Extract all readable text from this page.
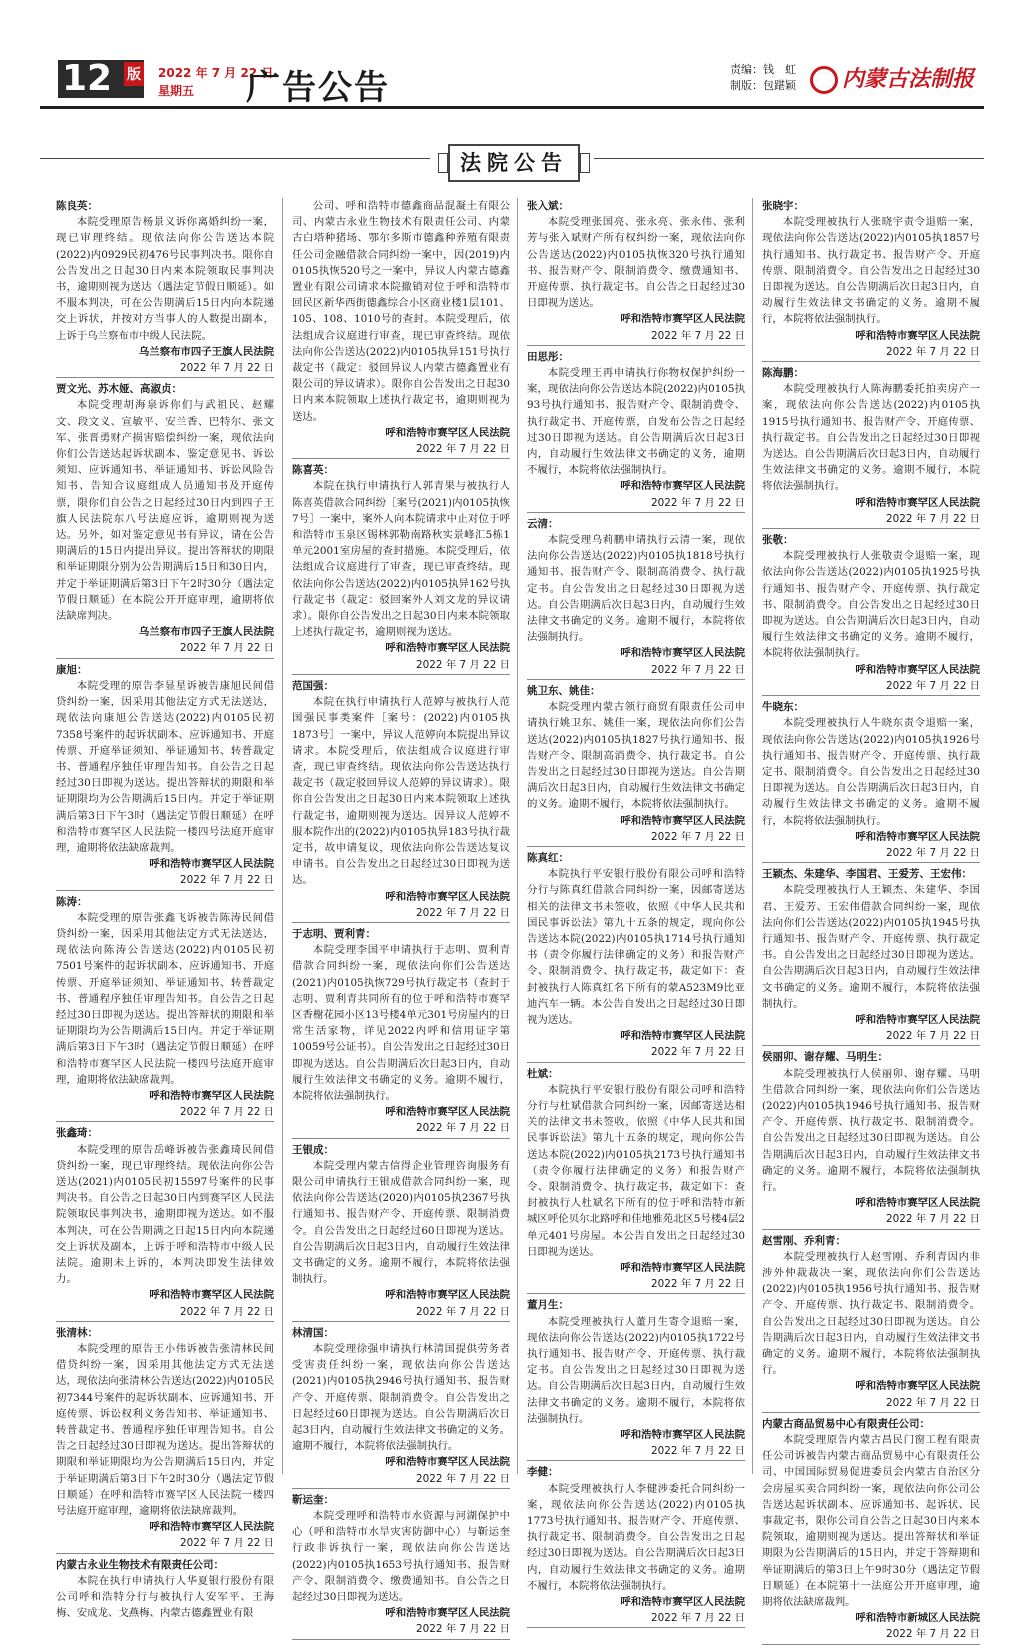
12 版 2022 年 7 月 22 日
星期五	广告公告	责编：钱　虹
制版：包踸颖	内蒙古法制报
法院公告
陈良英：
本院受理原告杨景义诉你离婚纠纷一案，现已审理终结。现依法向你公告送达本院(2022)内0929民初476号民事判决书。限你自公告发出之日起30日内来本院领取民事判决书，逾期则视为送达（遇法定节假日顺延）。如不服本判决，可在公告期满后15日内向本院递交上诉状，并按对方当事人的人数提出副本，上诉于乌兰察布市中级人民法院。
乌兰察布市四子王旗人民法院
2022 年 7 月 22 日
贾文光、苏木娅、高淑贞：
本院受理胡海泉诉你们与武祖民、赵耀文、段文义、宣敏平、安兰香、巴特尔、张文军、张晋勇财产损害赔偿纠纷一案，现依法向你们公告送达起诉状副本、鉴定意见书、诉讼须知、应诉通知书、举证通知书、诉讼风险告知书、告知合议庭组成人员通知书及开庭传票，限你们自公告之日起经过30日内到四子王旗人民法院东八号法庭应诉，逾期则视为送达。另外，如对鉴定意见书有异议，请在公告期满后的15日内提出异议。提出答辩状的期限和举证期限分别为公告期满后15日和30日内，并定于举证期满后第3日下午2时30分（遇法定节假日顺延）在本院公开开庭审理，逾期将依法缺席判决。
乌兰察布市四子王旗人民法院
2022 年 7 月 22 日
康旭：
本院受理的原告李显星诉被告康旭民间借贷纠纷一案，因采用其他法定方式无法送达，现依法向康旭公告送达(2022)内0105民初7358号案件的起诉状副本、应诉通知书、开庭传票、开庭举证须知、举证通知书、转普裁定书、普通程序独任审理告知书。自公告之日起经过30日即视为送达。提出答辩状的期限和举证期限均为公告期满后15日内。并定于举证期满后第3日下午3时（遇法定节假日顺延）在呼和浩特市赛罕区人民法院一楼四号法庭开庭审理，逾期将依法缺席裁判。
呼和浩特市赛罕区人民法院
2022 年 7 月 22 日
陈涛：
本院受理的原告张鑫飞诉被告陈涛民间借贷纠纷一案，因采用其他法定方式无法送达，现依法向陈涛公告送达(2022)内0105民初7501号案件的起诉状副本、应诉通知书、开庭传票、开庭举证须知、举证通知书、转普裁定书、普通程序独任审理告知书。自公告之日起经过30日即视为送达。提出答辩状的期限和举证期限均为公告期满后15日内。并定于举证期满后第3日下午3时（遇法定节假日顺延）在呼和浩特市赛罕区人民法院一楼四号法庭开庭审理，逾期将依法缺席裁判。
呼和浩特市赛罕区人民法院
2022 年 7 月 22 日
张鑫琦：
本院受理的原告岳峰诉被告张鑫琦民间借贷纠纷一案，现已审理终结。现依法向你公告送达(2021)内0105民初15597号案件的民事判决书。自公告之日起30日内到赛罕区人民法院领取民事判决书，逾期即视为送达。如不服本判决，可在公告期满之日起15日内向本院递交上诉状及副本，上诉于呼和浩特市中级人民法院。逾期未上诉的，本判决即发生法律效力。
呼和浩特市赛罕区人民法院
2022 年 7 月 22 日
张清林：
本院受理的原告王小伟诉被告张清林民间借贷纠纷一案，因采用其他法定方式无法送达，现依法向张清林公告送达(2022)内0105民初7344号案件的起诉状副本、应诉通知书、开庭传票、诉讼权利义务告知书、举证通知书、转普裁定书、普通程序独任审理告知书。自公告之日起经过30日即视为送达。提出答辩状的期限和举证期限均为公告期满后15日内，并定于举证期满后第3日下午2时30分（遇法定节假日顺延）在呼和浩特市赛罕区人民法院一楼四号法庭开庭审理，逾期将依法缺席裁判。
呼和浩特市赛罕区人民法院
2022 年 7 月 22 日
内蒙古永业生物技术有限责任公司：
本院在执行申请执行人华夏银行股份有限公司呼和浩特分行与被执行人安军平、王海梅、安成龙、戈燕梅、内蒙古德鑫置业有限
公司、呼和浩特市德鑫商品混凝土有限公司、内蒙古永业生物技术有限责任公司、内蒙古白塔种猪场、鄂尔多斯市德鑫种养殖有限责任公司金融借款合同纠纷一案中，因(2019)内0105执恢520号之一案中，异议人内蒙古德鑫置业有限公司请求本院撤销对位于呼和浩特市回民区新华西街德鑫综合小区商业楼1层101、105、108、1010号的查封。本院受理后，依法组成合议庭进行审查，现已审查终结。现依法向你公告送达(2022)内0105执异151号执行裁定书（裁定：驳回异议人内蒙古德鑫置业有限公司的异议请求）。限你自公告发出之日起30日内来本院领取上述执行裁定书，逾期则视为送达。
呼和浩特市赛罕区人民法院
2022 年 7 月 22 日
陈喜英：
本院在执行申请执行人郭青果与被执行人陈喜英借款合同纠纷［案号(2021)内0105执恢7号］一案中，案外人向本院请求中止对位于呼和浩特市玉泉区锡林郭勒南路秋实景峰汇5栋1单元2001室房屋的查封措施。本院受理后，依法组成合议庭进行了审查，现已审查终结。现依法向你公告送达(2022)内0105执异162号执行裁定书（裁定：驳回案外人刘文龙的异议请求）。限你自公告发出之日起30日内来本院领取上述执行裁定书，逾期则视为送达。
呼和浩特市赛罕区人民法院
2022 年 7 月 22 日
范国强：
本院在执行申请执行人范婷与被执行人范国强民事类案件［案号：(2022)内0105执1873号］一案中，异议人范婷向本院提出异议请求。本院受理后，依法组成合议庭进行审查，现已审查终结。现依法向你公告送达执行裁定书（裁定驳回异议人范婷的异议请求）。限你自公告发出之日起30日内来本院领取上述执行裁定书，逾期则视为送达。因异议人范婷不服本院作出的(2022)内0105执异183号执行裁定书，故申请复议，现依法向你公告送达复议申请书。自公告发出之日起经过30日即视为送达。
呼和浩特市赛罕区人民法院
2022 年 7 月 22 日
于志明、贾利青：
本院受理李国平申请执行于志明、贾利青借款合同纠纷一案，现依法向你们公告送达(2021)内0105执恢729号执行裁定书（查封于志明、贾利青共同所有的位于呼和浩特市赛罕区香榭花园小区13号楼4单元301号房屋内的日常生活家物，详见2022内呼和信用证字第10059号公证书）。自公告发出之日起经过30日即视为送达。自公告期满后次日起3日内，自动履行生效法律文书确定的义务。逾期不履行，本院将依法强制执行。
呼和浩特市赛罕区人民法院
2022 年 7 月 22 日
王银成：
本院受理内蒙古信得企业管理咨询服务有限公司申请执行王银成借款合同纠纷一案，现依法向你公告送达(2020)内0105执2367号执行通知书、报告财产令、开庭传票、限制消费令。自公告发出之日起经过60日即视为送达。自公告期满后次日起3日内，自动履行生效法律文书确定的义务。逾期不履行，本院将依法强制执行。
呼和浩特市赛罕区人民法院
2022 年 7 月 22 日
林清国：
本院受理徐强申请执行林清国提供劳务者受害责任纠纷一案，现依法向你公告送达(2021)内0105执2946号执行通知书、报告财产令、开庭传票、限制消费令。自公告发出之日起经过60日即视为送达。自公告期满后次日起3日内，自动履行生效法律文书确定的义务。逾期不履行，本院将依法强制执行。
呼和浩特市赛罕区人民法院
2022 年 7 月 22 日
靳运奎：
本院受理呼和浩特市水资源与河湖保护中心（呼和浩特市水旱灾害防御中心）与靳运奎行政非诉执行一案，现依法向你公告送达(2022)内0105执1653号执行通知书、报告财产令、限制消费令、缴费通知书。自公告之日起经过30日即视为送达。
呼和浩特市赛罕区人民法院
2022 年 7 月 22 日
张入斌：
本院受理张国亮、张永亮、张永伟、张利芳与张入斌财产所有权纠纷一案，现依法向你公告送达(2022)内0105执恢320号执行通知书、报告财产令、限制消费令、缴费通知书、开庭传票、执行裁定书。自公告之日起经过30日即视为送达。
呼和浩特市赛罕区人民法院
2022 年 7 月 22 日
田思彤：
本院受理王再申请执行你物权保护纠纷一案，现依法向你公告送达本院(2022)内0105执93号执行通知书、报告财产令、限制消费令、执行裁定书、开庭传票，自发布公告之日起经过30日即视为送达。自公告期满后次日起3日内，自动履行生效法律文书确定的义务，逾期不履行，本院将依法强制执行。
呼和浩特市赛罕区人民法院
2022 年 7 月 22 日
云清：
本院受理乌莉鹏申请执行云清一案，现依法向你公告送达(2022)内0105执1818号执行通知书、报告财产令、限制高消费令、执行裁定书。自公告发出之日起经过30日即视为送达。自公告期满后次日起3日内，自动履行生效法律文书确定的义务。逾期不履行，本院将依法强制执行。
呼和浩特市赛罕区人民法院
2022 年 7 月 22 日
姚卫东、姚佳：
本院受理内蒙古领行商贸有限责任公司申请执行姚卫东、姚佳一案，现依法向你们公告送达(2022)内0105执1827号执行通知书、报告财产令、限制高消费令、执行裁定书。自公告发出之日起经过30日即视为送达。自公告期满后次日起3日内，自动履行生效法律文书确定的义务。逾期不履行，本院将依法强制执行。
呼和浩特市赛罕区人民法院
2022 年 7 月 22 日
陈真红：
本院执行平安银行股份有限公司呼和浩特分行与陈真红借款合同纠纷一案，因邮寄送达相关的法律文书未签收，依照《中华人民共和国民事诉讼法》第九十五条的规定，现向你公告送达本院(2022)内0105执1714号执行通知书（责令你履行法律确定的义务）和报告财产令、限制消费令、执行裁定书，裁定如下：查封被执行人陈真红名下所有的蒙A523M9比亚迪汽车一辆。本公告自发出之日起经过30日即视为送达。
呼和浩特市赛罕区人民法院
2022 年 7 月 22 日
杜斌：
本院执行平安银行股份有限公司呼和浩特分行与杜斌借款合同纠纷一案，因邮寄送达相关的法律文书未签收，依照《中华人民共和国民事诉讼法》第九十五条的规定，现向你公告送达本院(2022)内0105执2173号执行通知书（责令你履行法律确定的义务）和报告财产令、限制消费令、执行裁定书，裁定如下：查封被执行人杜斌名下所有的位于呼和浩特市新城区呼伦贝尔北路呼和佳地雅苑北区5号楼4层2单元401号房屋。本公告自发出之日起经过30日即视为送达。
呼和浩特市赛罕区人民法院
2022 年 7 月 22 日
董月生：
本院受理被执行人董月生寄令退赔一案，现依法向你公告送达(2022)内0105执1722号执行通知书、报告财产令、开庭传票、执行裁定书。自公告发出之日起经过30日即视为送达。自公告期满后次日起3日内，自动履行生效法律文书确定的义务。逾期不履行，本院将依法强制执行。
呼和浩特市赛罕区人民法院
2022 年 7 月 22 日
李健：
本院受理被执行人李健涉委托合同纠纷一案，现依法向你公告送达(2022)内0105执1773号执行通知书、报告财产令、开庭传票、执行裁定书、限制消费令。自公告发出之日起经过30日即视为送达。自公告期满后次日起3日内，自动履行生效法律文书确定的义务。逾期不履行，本院将依法强制执行。
呼和浩特市赛罕区人民法院
2022 年 7 月 22 日
张晓宇：
本院受理被执行人张晓宇责令退赔一案，现依法向你公告送达(2022)内0105执1857号执行通知书、执行裁定书、报告财产令、开庭传票、限制消费令。自公告发出之日起经过30日即视为送达。自公告期满后次日起3日内，自动履行生效法律文书确定的义务。逾期不履行，本院将依法强制执行。
呼和浩特市赛罕区人民法院
2022 年 7 月 22 日
陈海鹏：
本院受理被执行人陈海鹏委托拍卖房产一案，现依法向你公告送达(2022)内0105执1915号执行通知书、报告财产令、开庭传票、执行裁定书。自公告发出之日起经过30日即视为送达。自公告期满后次日起3日内，自动履行生效法律文书确定的义务。逾期不履行，本院将依法强制执行。
呼和浩特市赛罕区人民法院
2022 年 7 月 22 日
张敬：
本院受理被执行人张敬责令退赔一案，现依法向你公告送达(2022)内0105执1925号执行通知书、报告财产令、开庭传票、执行裁定书、限制消费令。自公告发出之日起经过30日即视为送达。自公告期满后次日起3日内，自动履行生效法律文书确定的义务。逾期不履行，本院将依法强制执行。
呼和浩特市赛罕区人民法院
2022 年 7 月 22 日
牛晓东：
本院受理被执行人牛晓东责令退赔一案，现依法向你公告送达(2022)内0105执1926号执行通知书、报告财产令、开庭传票、执行裁定书、限制消费令。自公告发出之日起经过30日即视为送达。自公告期满后次日起3日内，自动履行生效法律文书确定的义务。逾期不履行，本院将依法强制执行。
呼和浩特市赛罕区人民法院
2022 年 7 月 22 日
王颖杰、朱建华、李国君、王爱芳、王宏伟：
本院受理被执行人王颖杰、朱建华、李国君、王爱芳、王宏伟借款合同纠纷一案，现依法向你们公告送达(2022)内0105执1945号执行通知书、报告财产令、开庭传票、执行裁定书。自公告发出之日起经过30日即视为送达。自公告期满后次日起3日内，自动履行生效法律文书确定的义务。逾期不履行，本院将依法强制执行。
呼和浩特市赛罕区人民法院
2022 年 7 月 22 日
侯丽卯、谢存耀、马明生：
本院受理被执行人侯丽卯、谢存耀、马明生借款合同纠纷一案，现依法向你们公告送达(2022)内0105执1946号执行通知书、报告财产令、开庭传票、执行裁定书、限制消费令。自公告发出之日起经过30日即视为送达。自公告期满后次日起3日内，自动履行生效法律文书确定的义务。逾期不履行，本院将依法强制执行。
呼和浩特市赛罕区人民法院
2022 年 7 月 22 日
赵雪刚、乔利青：
本院受理被执行人赵雪刚、乔利青因内非涉外仲裁裁决一案，现依法向你们公告送达(2022)内0105执1956号执行通知书、报告财产令、开庭传票、执行裁定书、限制消费令。自公告发出之日起经过30日即视为送达。自公告期满后次日起3日内，自动履行生效法律文书确定的义务。逾期不履行，本院将依法强制执行。
呼和浩特市赛罕区人民法院
2022 年 7 月 22 日
内蒙古商品贸易中心有限责任公司：
本院受理原告内蒙古昌民门窗工程有限责任公司诉被告内蒙古商品贸易中心有限责任公司、中国国际贸易促进委员会内蒙古自治区分会房屋买卖合同纠纷一案，现依法向你公司公告送达起诉状副本、应诉通知书、起诉状、民事裁定书，限你公司自公告之日起30日内来本院领取，逾期则视为送达。提出答辩状和举证期限为公告期满后的15日内，并定于答辩期和举证期满后的第3日上午9时30分（遇法定节假日顺延）在本院第十一法庭公开开庭审理，逾期将依法缺席裁判。
呼和浩特市新城区人民法院
2022 年 7 月 22 日
